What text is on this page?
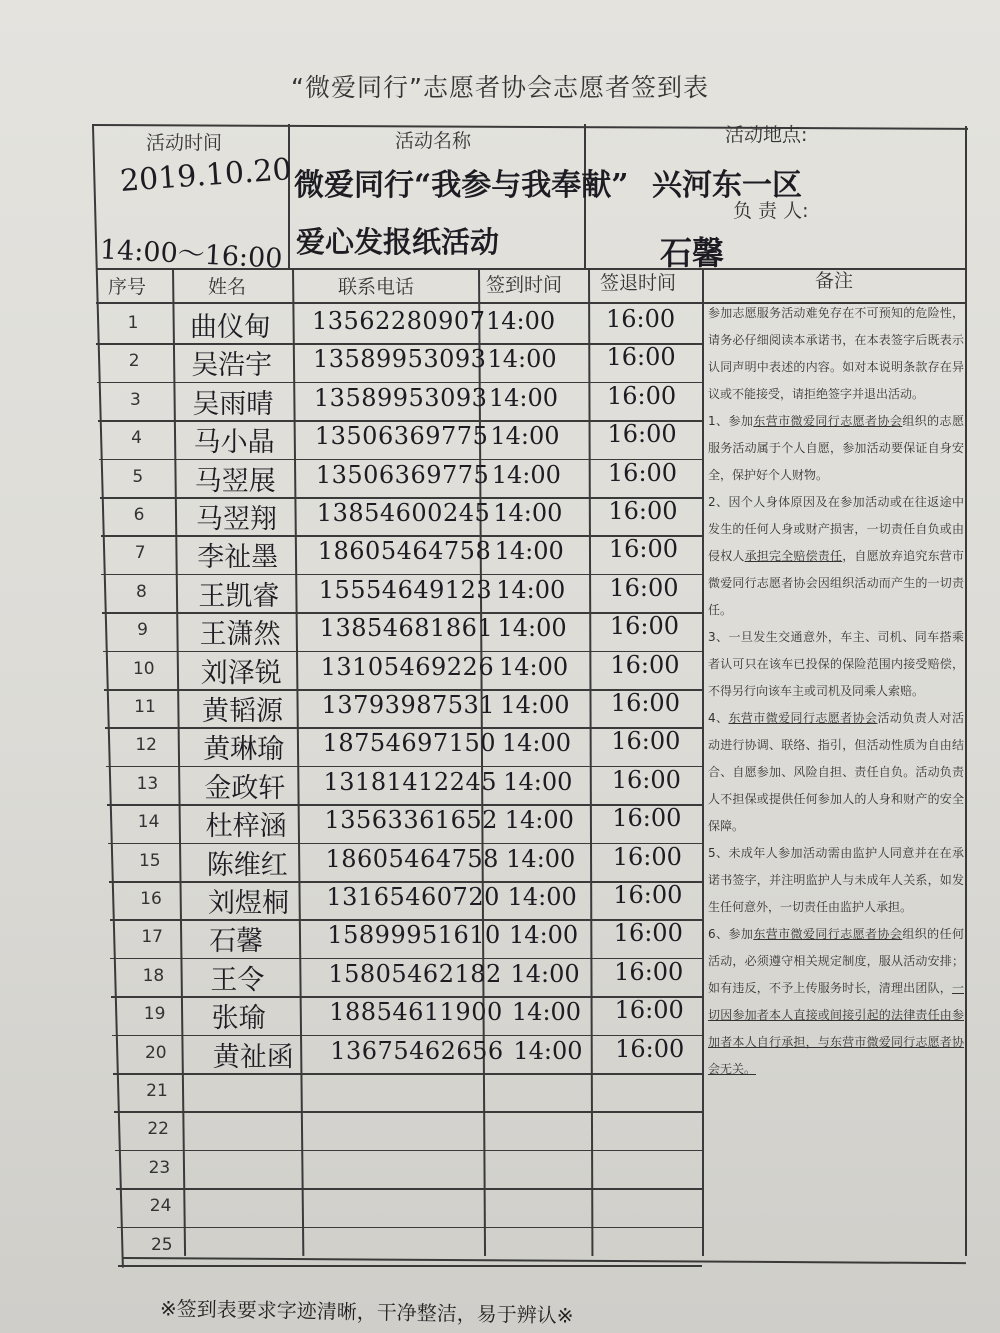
“微爱同行”志愿者协会志愿者签到表
活动时间
2019.10.20
14:00～16:00
活动名称
微爱同行“我参与我奉献”
爱心发报纸活动
活动地点:
兴河东一区
负 责 人:
石馨
序号	姓名	联系电话	签到时间 签退时间	备注
1	曲仪甸 13562280907 14:00 16:00
2	吴浩宇 13589953093 14:00 16:00
3	吴雨晴 13589953093 14:00 16:00
4	马小晶 13506369775 14:00 16:00
5	马翌展 13506369775 14:00 16:00
6	马翌翔 13854600245 14:00 16:00
7	李祉墨 18605464758 14:00 16:00
8	王凯睿 15554649123 14:00 16:00
9	王潇然 13854681861 14:00 16:00
10	刘泽锐 13105469226 14:00 16:00
11	黄韬源 13793987531 14:00 16:00
12	黄琳瑜 18754697150 14:00 16:00
13	金政轩 13181412245 14:00 16:00
14	杜梓涵 13563361652 14:00 16:00
15	陈维红 18605464758 14:00 16:00
16	刘煜桐 13165460720 14:00 16:00
17	石馨	15899951610 14:00 16:00
18	王令	15805462182 14:00 16:00
19	张瑜	18854611900 14:00 16:00
20	黄祉函 13675462656 14:00 16:00
21
22
23
24
25

参加志愿服务活动难免存在不可预知的危险性，请务必仔细阅读本承诺书，在本表签字后既表示认同声明中表述的内容。如对本说明条款存在异议或不能接受，请拒绝签字并退出活动。

1、参加东营市微爱同行志愿者协会组织的志愿服务活动属于个人自愿，参加活动要保证自身安全，保护好个人财物。

2、因个人身体原因及在参加活动或在往返途中发生的任何人身或财产损害，一切责任自负或由侵权人承担完全赔偿责任，自愿放弃追究东营市微爱同行志愿者协会因组织活动而产生的一切责任。

3、一旦发生交通意外，车主、司机、同车搭乘者认可只在该车已投保的保险范围内接受赔偿，不得另行向该车主或司机及同乘人索赔。

4、东营市微爱同行志愿者协会活动负责人对活动进行协调、联络、指引，但活动性质为自由结合、自愿参加、风险自担、责任自负。活动负责人不担保或提供任何参加人的人身和财产的安全保障。

5、未成年人参加活动需由监护人同意并在在承诺书签字，并注明监护人与未成年人关系，如发生任何意外，一切责任由监护人承担。

6、参加东营市微爱同行志愿者协会组织的任何活动，必须遵守相关规定制度，服从活动安排；如有违反，不予上传服务时长，清理出团队，一切因参加者本人直接或间接引起的法律责任由参加者本人自行承担，与东营市微爱同行志愿者协会无关。

※签到表要求字迹清晰，干净整洁，易于辨认※
